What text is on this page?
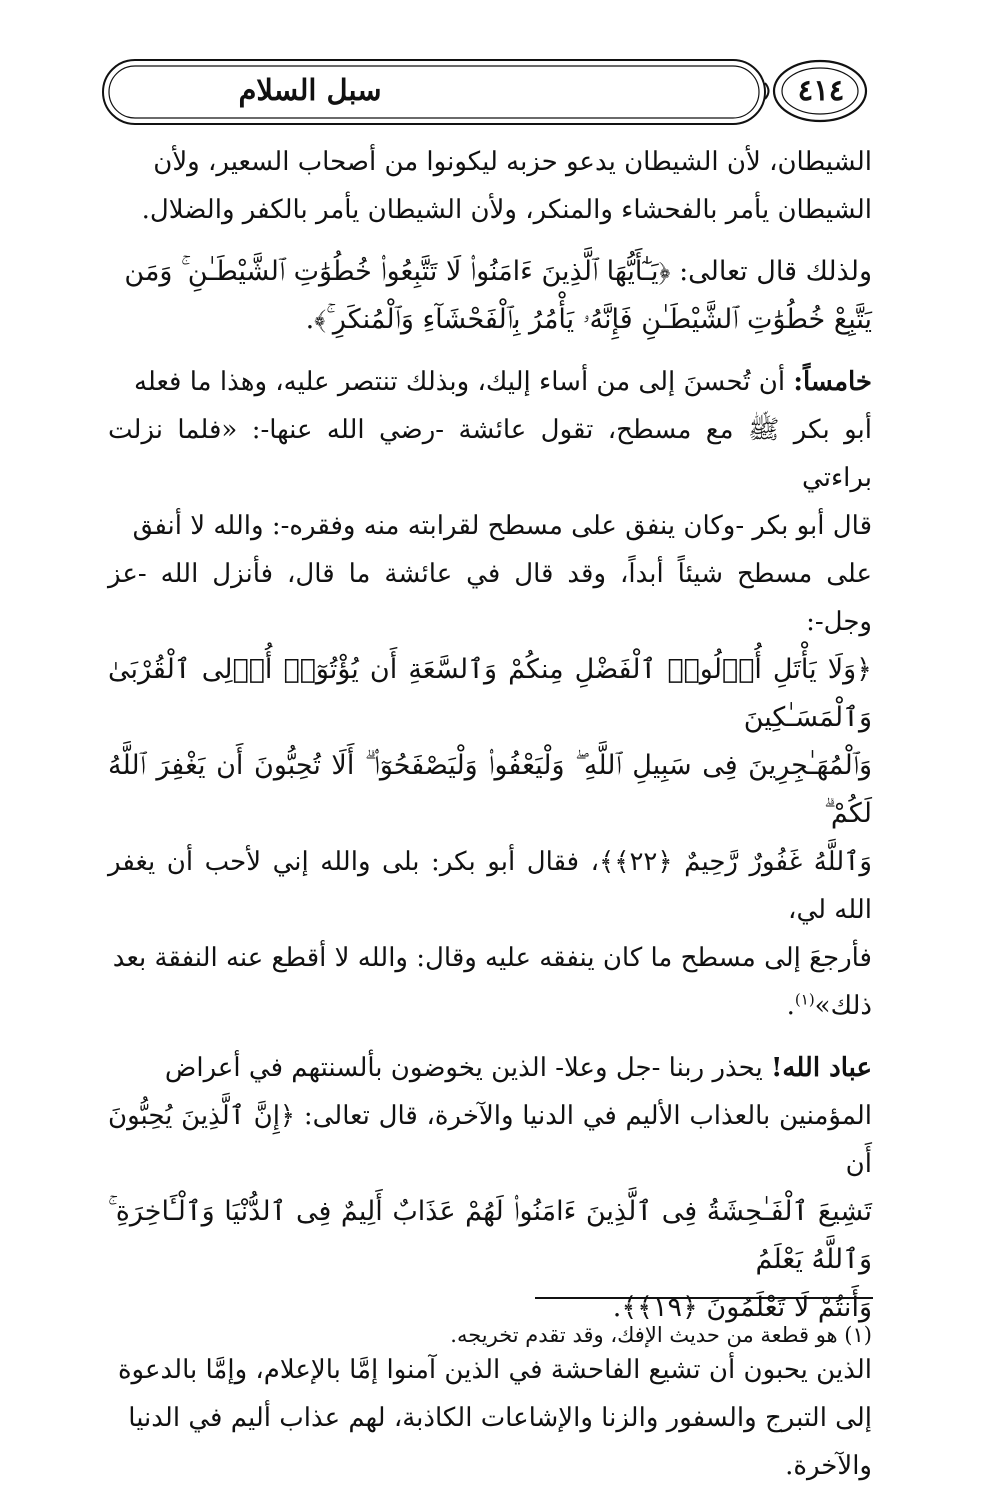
سبل السلام	٤١٤

الشيطان، لأن الشيطان يدعو حزبه ليكونوا من أصحاب السعير، ولأن

الشيطان يأمر بالفحشاء والمنكر، ولأن الشيطان يأمر بالكفر والضلال.

ولذلك قال تعالى: ﴿يَـٰٓأَيُّهَا ٱلَّذِينَ ءَامَنُوا۟ لَا تَتَّبِعُوا۟ خُطُوَٰتِ ٱلشَّيْطَـٰنِ ۚ وَمَن

يَتَّبِعْ خُطُوَٰتِ ٱلشَّيْطَـٰنِ فَإِنَّهُۥ يَأْمُرُ بِٱلْفَحْشَآءِ وَٱلْمُنكَرِ ۚ﴾.

خامساً: أن تُحسنَ إلى من أساء إليك، وبذلك تنتصر عليه، وهذا ما فعله

أبو بكر ﷺ مع مسطح، تقول عائشة -رضي الله عنها-: «فلما نزلت براءتي

قال أبو بكر -وكان ينفق على مسطح لقرابته منه وفقره-: والله لا أنفق

على مسطح شيئاً أبداً، وقد قال في عائشة ما قال، فأنزل الله -عز وجل-:

﴿وَلَا يَأْتَلِ أُو۟لُوا۟ ٱلْفَضْلِ مِنكُمْ وَٱلسَّعَةِ أَن يُؤْتُوٓا۟ أُو۟لِى ٱلْقُرْبَىٰ وَٱلْمَسَـٰكِينَ

وَٱلْمُهَـٰجِرِينَ فِى سَبِيلِ ٱللَّهِ ۖ وَلْيَعْفُوا۟ وَلْيَصْفَحُوٓا۟ ۗ أَلَا تُحِبُّونَ أَن يَغْفِرَ ٱللَّهُ لَكُمْ ۗ

وَٱللَّهُ غَفُورٌ رَّحِيمٌ ﴿٢٢﴾﴾، فقال أبو بكر: بلى والله إني لأحب أن يغفر الله لي،

فأرجعَ إلى مسطح ما كان ينفقه عليه وقال: والله لا أقطع عنه النفقة بعد

ذلك»$^{(١)}$.

عباد الله! يحذر ربنا -جل وعلا- الذين يخوضون بألسنتهم في أعراض

المؤمنين بالعذاب الأليم في الدنيا والآخرة، قال تعالى: ﴿إِنَّ ٱلَّذِينَ يُحِبُّونَ أَن

تَشِيعَ ٱلْفَـٰحِشَةُ فِى ٱلَّذِينَ ءَامَنُوا۟ لَهُمْ عَذَابٌ أَلِيمٌ فِى ٱلدُّنْيَا وَٱلْـَٔاخِرَةِ ۚ وَٱللَّهُ يَعْلَمُ

وَأَنتُمْ لَا تَعْلَمُونَ ﴿١٩﴾﴾.

الذين يحبون أن تشيع الفاحشة في الذين آمنوا إمَّا بالإعلام، وإمَّا بالدعوة

إلى التبرج والسفور والزنا والإشاعات الكاذبة، لهم عذاب أليم في الدنيا

والآخرة.

(١) هو قطعة من حديث الإفك، وقد تقدم تخريجه.
